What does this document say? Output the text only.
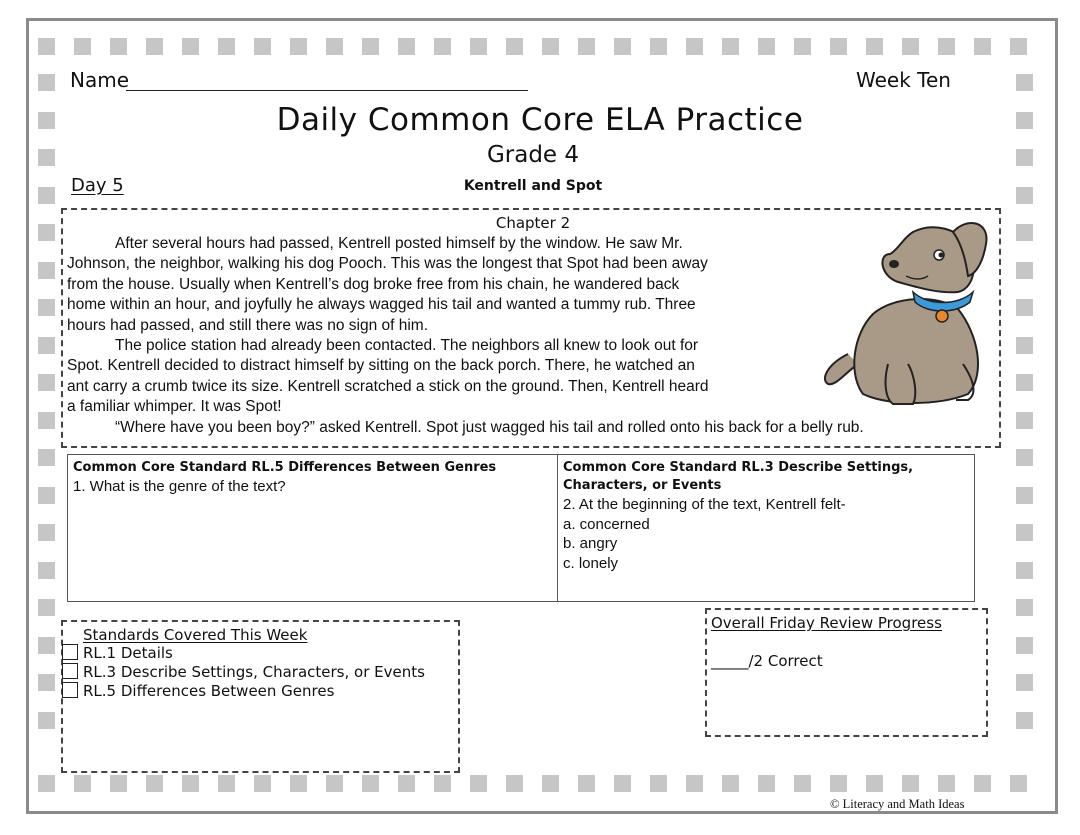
Name	Week Ten
Daily Common Core ELA Practice
Grade 4
Day 5	Kentrell and Spot
Chapter 2

After several hours had passed, Kentrell posted himself by the window. He saw Mr.

Johnson, the neighbor, walking his dog Pooch. This was the longest that Spot had been away

from the house. Usually when Kentrell’s dog broke free from his chain, he wandered back

home within an hour, and joyfully he always wagged his tail and wanted a tummy rub. Three

hours had passed, and still there was no sign of him.

The police station had already been contacted. The neighbors all knew to look out for

Spot. Kentrell decided to distract himself by sitting on the back porch. There, he watched an

ant carry a crumb twice its size. Kentrell scratched a stick on the ground. Then, Kentrell heard

a familiar whimper. It was Spot!

“Where have you been boy?” asked Kentrell. Spot just wagged his tail and rolled onto his back for a belly rub.

Common Core Standard RL.5 Differences Between Genres
1. What is the genre of the text?
Common Core Standard RL.3 Describe Settings, Characters, or Events
2. At the beginning of the text, Kentrell felt-
a. concerned
b. angry
c. lonely
Standards Covered This Week
RL.1 Details
RL.3 Describe Settings, Characters, or Events
RL.5 Differences Between Genres
Overall Friday Review Progress
_____/2 Correct
© Literacy and Math Ideas
